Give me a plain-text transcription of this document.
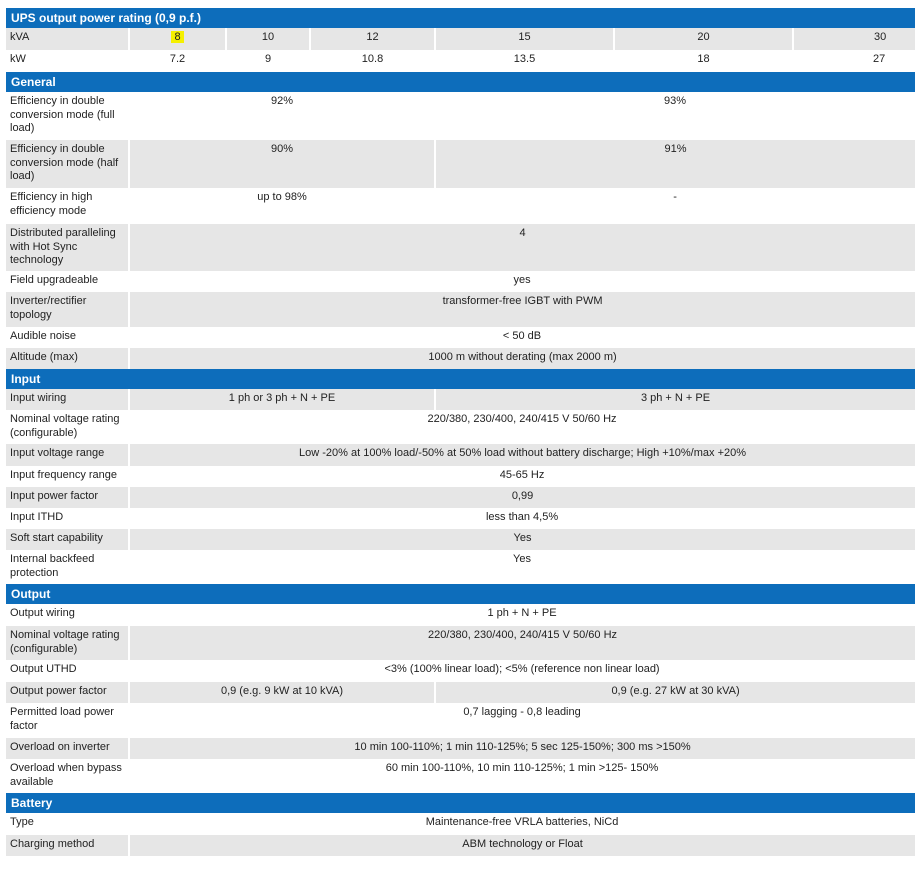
UPS output power rating (0,9 p.f.)						
kVA	8	10	12	15	20	30
kW	7.2	9	10.8	13.5	18	27
General						
Efficiency in double conversion mode (full load)	92%			93%		
Efficiency in double conversion mode (half load)	90%			91%		
Efficiency in high efficiency mode	up to 98%			-		
Distributed paralleling with Hot Sync technology	4					
Field upgradeable	yes					
Inverter/rectifier topology	transformer-free IGBT with PWM					
Audible noise	< 50 dB					
Altitude (max)	1000 m without derating (max 2000 m)					
Input						
Input wiring	1 ph or 3 ph + N + PE			3 ph + N + PE		
Nominal voltage rating (configurable)	220/380, 230/400, 240/415 V 50/60 Hz					
Input voltage range	Low -20% at 100% load/-50% at 50% load without battery discharge; High +10%/max +20%					
Input frequency range	45-65 Hz					
Input power factor	0,99					
Input ITHD	less than 4,5%					
Soft start capability	Yes					
Internal backfeed protection	Yes					
Output						
Output wiring	1 ph + N + PE					
Nominal voltage rating (configurable)	220/380, 230/400, 240/415 V 50/60 Hz					
Output UTHD	<3% (100% linear load); <5% (reference non linear load)					
Output power factor	0,9 (e.g. 9 kW at 10 kVA)			0,9 (e.g. 27 kW at 30 kVA)		
Permitted load power factor	0,7 lagging - 0,8 leading					
Overload on inverter	10 min 100-110%; 1 min 110-125%; 5 sec 125-150%; 300 ms >150%					
Overload when bypass available	60 min 100-110%, 10 min 110-125%; 1 min >125- 150%					
Battery						
Type	Maintenance-free VRLA batteries, NiCd					
Charging method	ABM technology or Float					
